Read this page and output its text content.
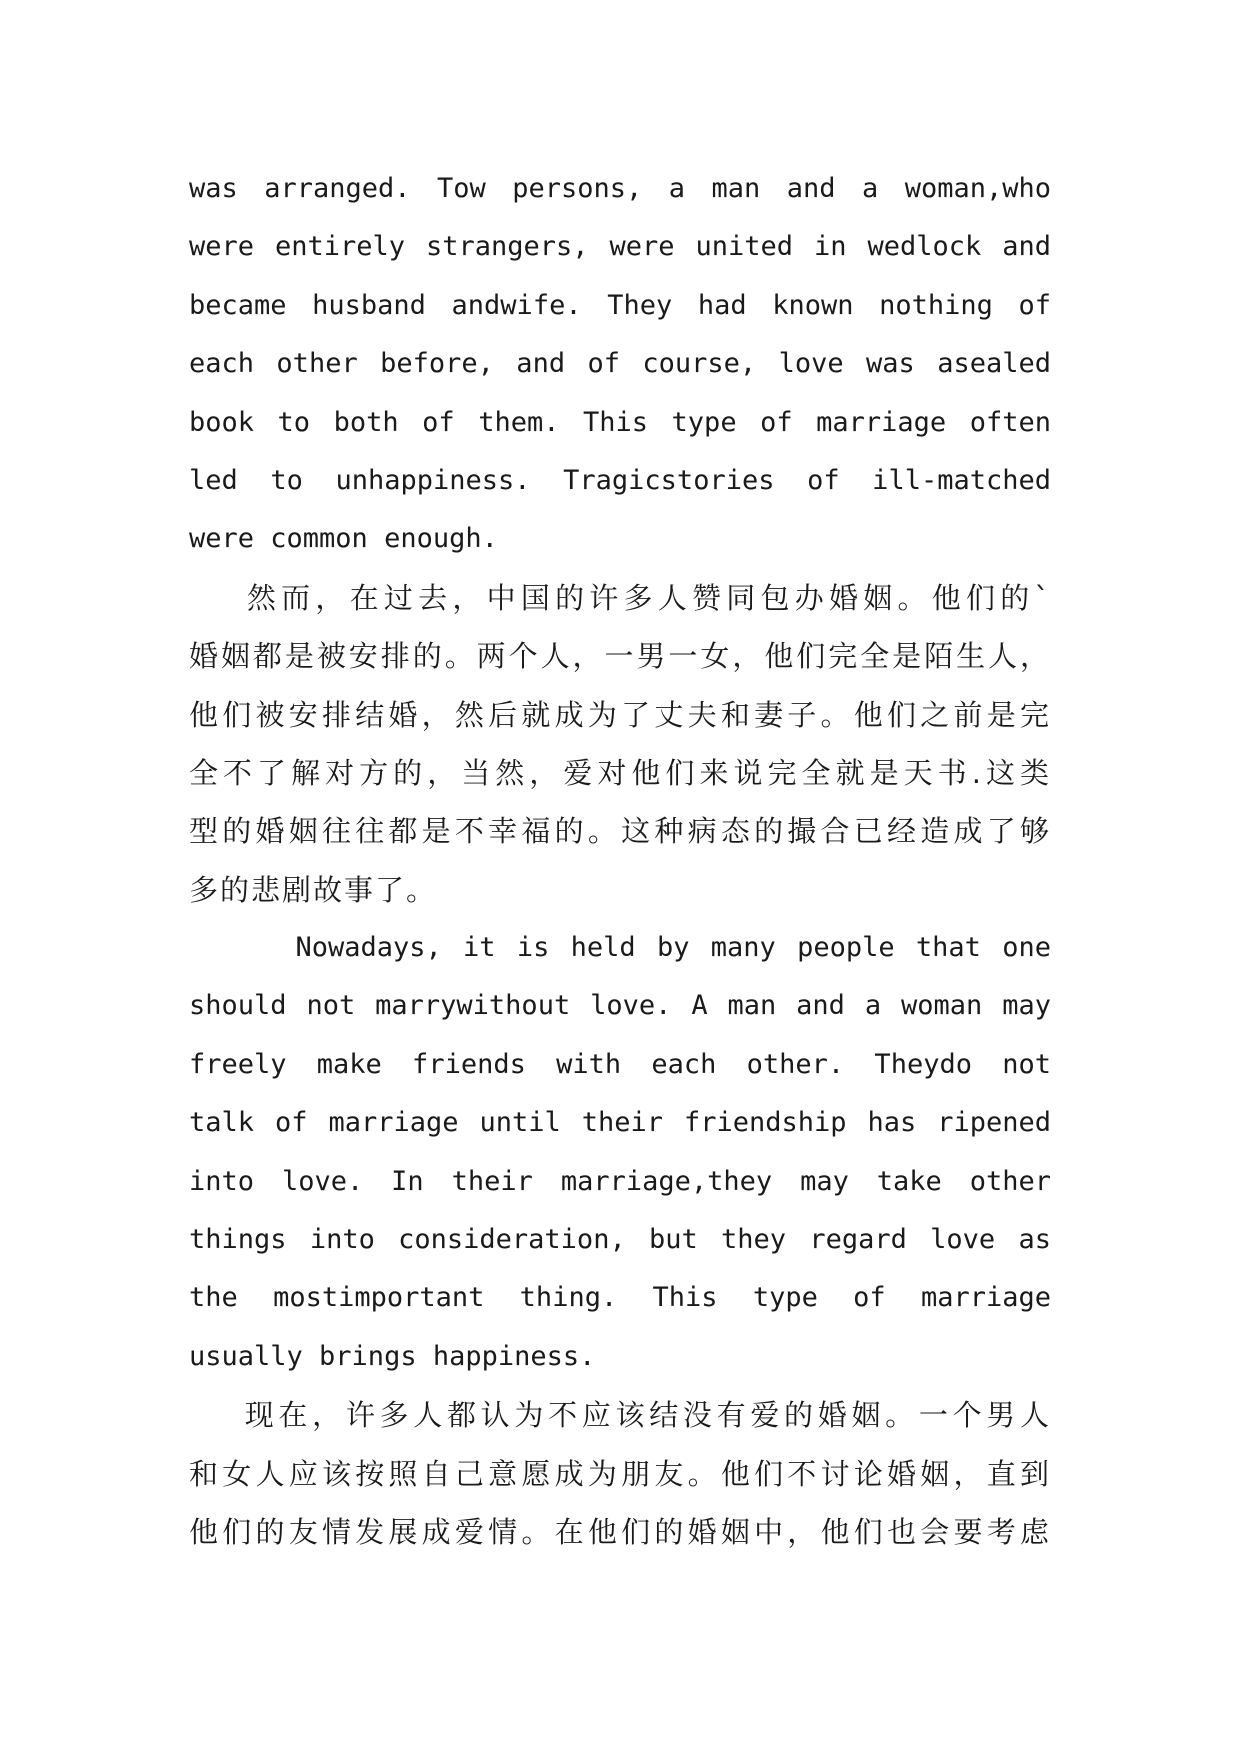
was arranged. Tow persons, a man and a woman,who
were entirely strangers, were united in wedlock and
became husband andwife. They had known nothing of
each other before, and of course, love was asealed
book to both of them. This type of marriage often
led to unhappiness. Tragicstories of ill-matched
were common enough.
然而，在过去，中国的许多人赞同包办婚姻。他们的`
婚姻都是被安排的。两个人，一男一女，他们完全是陌生人，
他们被安排结婚，然后就成为了丈夫和妻子。他们之前是完
全不了解对方的，当然，爱对他们来说完全就是天书.这类
型的婚姻往往都是不幸福的。这种病态的撮合已经造成了够
多的悲剧故事了。
Nowadays, it is held by many people that one
should not marrywithout love. A man and a woman may
freely make friends with each other. Theydo not
talk of marriage until their friendship has ripened
into love. In their marriage,they may take other
things into consideration, but they regard love as
the mostimportant thing. This type of marriage
usually brings happiness.
现在，许多人都认为不应该结没有爱的婚姻。一个男人
和女人应该按照自己意愿成为朋友。他们不讨论婚姻，直到
他们的友情发展成爱情。在他们的婚姻中，他们也会要考虑
